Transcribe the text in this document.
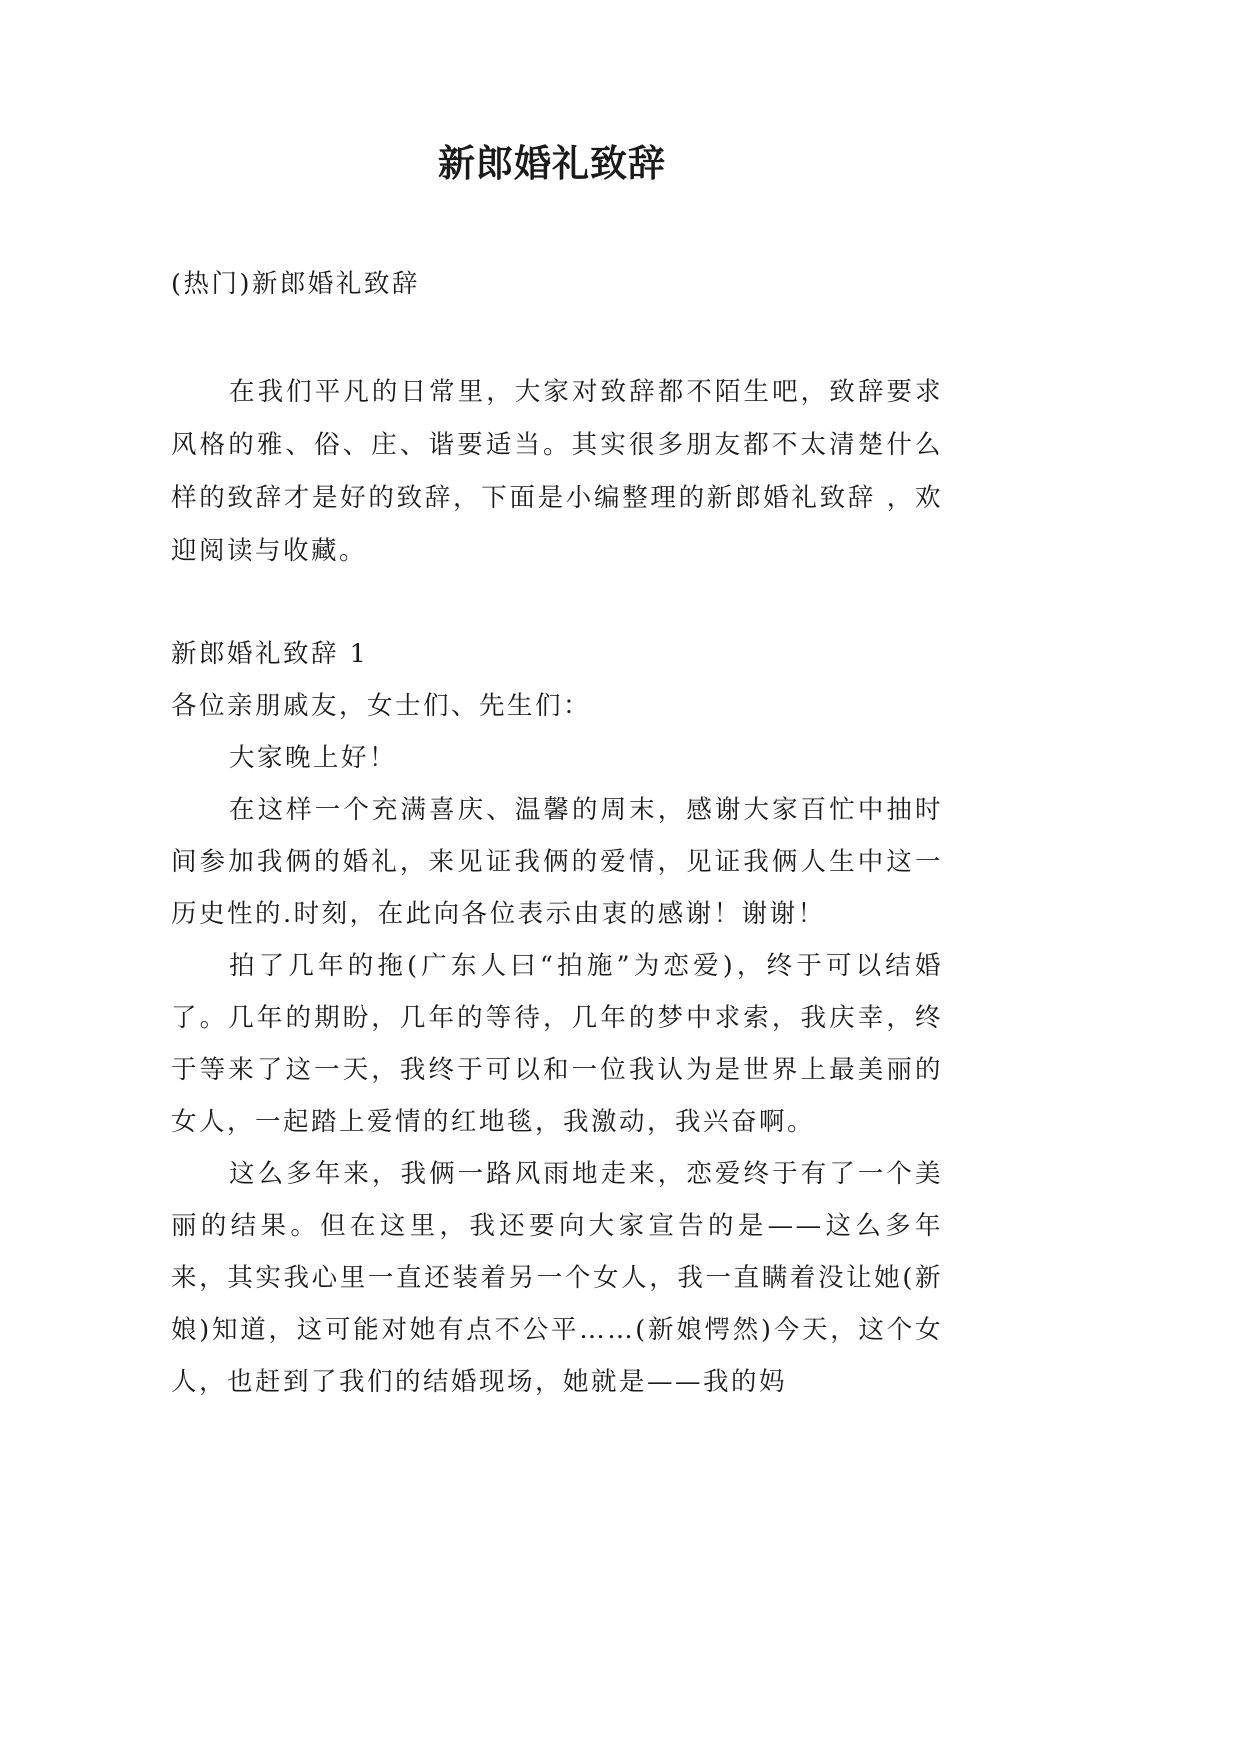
新郎婚礼致辞

(热门)新郎婚礼致辞

在我们平凡的日常里，大家对致辞都不陌生吧，致辞要求风格的雅、俗、庄、谐要适当。其实很多朋友都不太清楚什么样的致辞才是好的致辞，下面是小编整理的新郎婚礼致辞 ，欢迎阅读与收藏。

新郎婚礼致辞 1

各位亲朋戚友，女士们、先生们：

大家晚上好！

在这样一个充满喜庆、温馨的周末，感谢大家百忙中抽时间参加我俩的婚礼，来见证我俩的爱情，见证我俩人生中这一历史性的.时刻，在此向各位表示由衷的感谢！谢谢！

拍了几年的拖(广东人曰“拍施”为恋爱)，终于可以结婚了。几年的期盼，几年的等待，几年的梦中求索，我庆幸，终于等来了这一天，我终于可以和一位我认为是世界上最美丽的女人，一起踏上爱情的红地毯，我激动，我兴奋啊。

这么多年来，我俩一路风雨地走来，恋爱终于有了一个美丽的结果。但在这里，我还要向大家宣告的是——这么多年来，其实我心里一直还装着另一个女人，我一直瞒着没让她(新娘)知道，这可能对她有点不公平……(新娘愕然)今天，这个女人，也赶到了我们的结婚现场，她就是——我的妈
